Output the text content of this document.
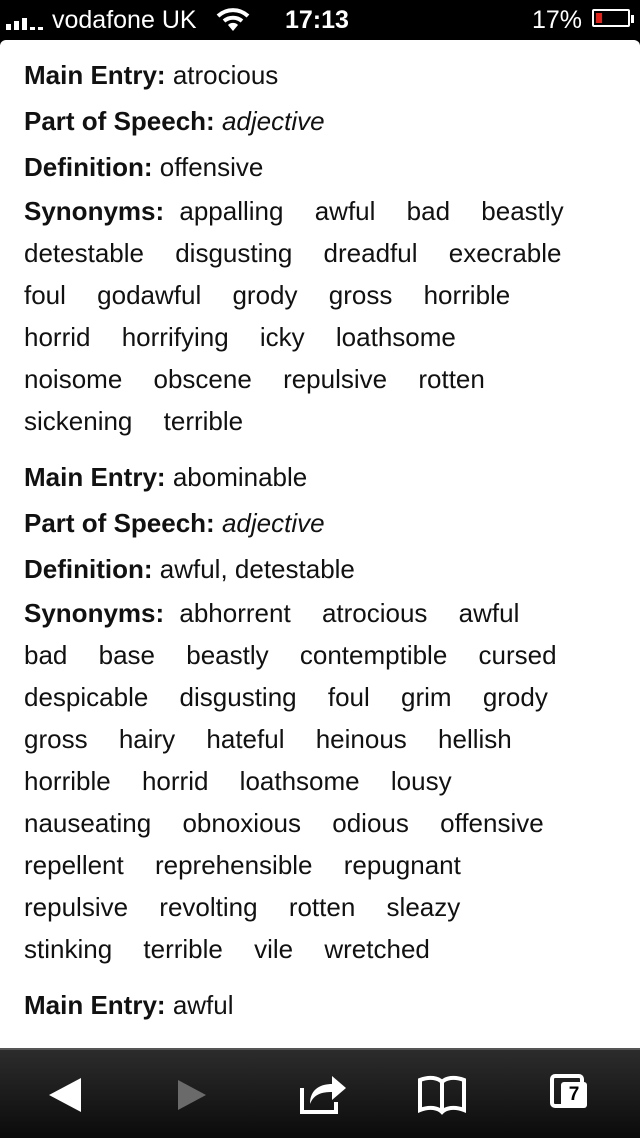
vodafone UK	17:13	17%
Main Entry: atrocious
Part of Speech: adjective
Definition: offensive
Synonyms: appalling awful bad beastly detestable disgusting dreadful execrable foul godawful grody gross horrible horrid horrifying icky loathsome noisome obscene repulsive rotten sickening terrible
Main Entry: abominable
Part of Speech: adjective
Definition: awful, detestable
Synonyms: abhorrent atrocious awful bad base beastly contemptible cursed despicable disgusting foul grim grody gross hairy hateful heinous hellish horrible horrid loathsome lousy nauseating obnoxious odious offensive repellent reprehensible repugnant repulsive revolting rotten sleazy stinking terrible vile wretched
Main Entry: awful
7
